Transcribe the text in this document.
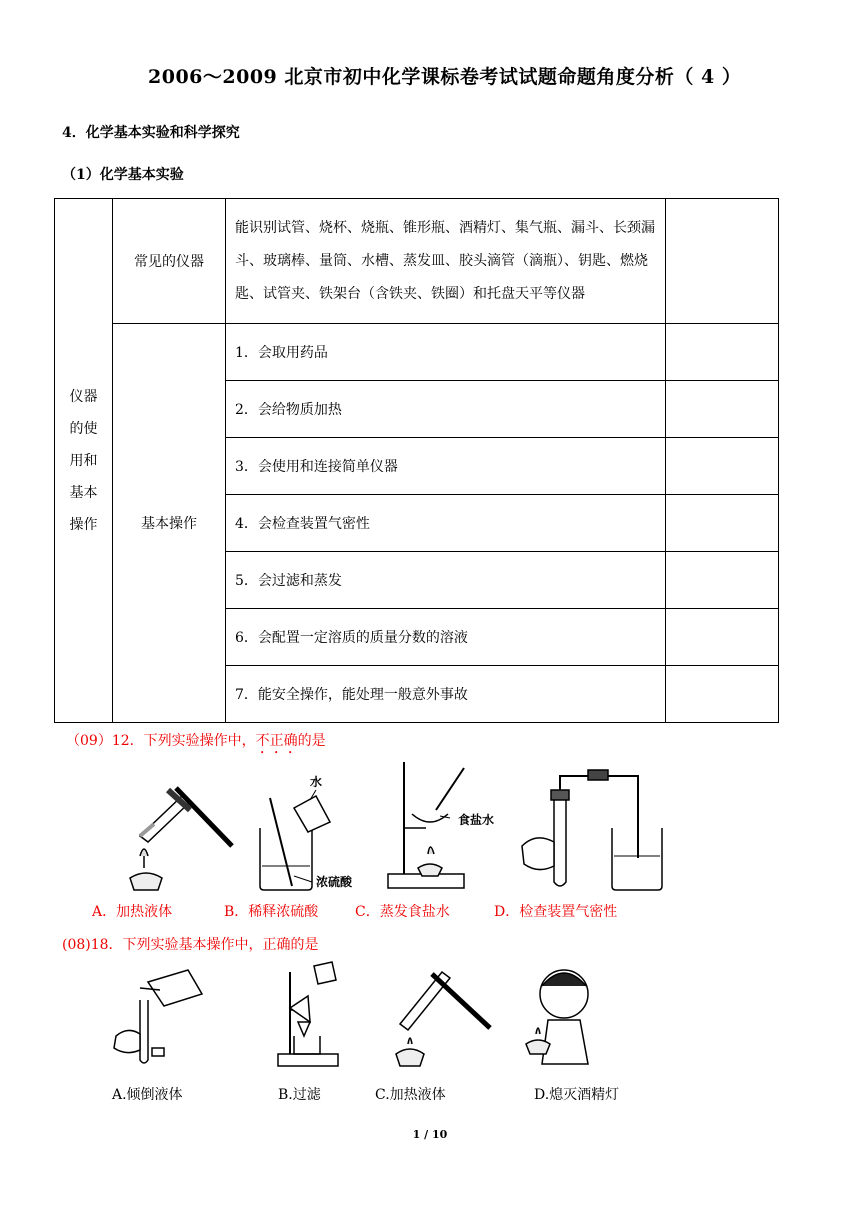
2006～2009 北京市初中化学课标卷考试试题命题角度分析（ 4 ）
4．化学基本实验和科学探究
（1）化学基本实验
仪器
的使
用和
基本
操作	常见的仪器	能识别试管、烧杯、烧瓶、锥形瓶、酒精灯、集气瓶、漏斗、长颈漏斗、玻璃棒、量筒、水槽、蒸发皿、胶头滴管（滴瓶）、钥匙、燃烧匙、试管夹、铁架台（含铁夹、铁圈）和托盘天平等仪器	
	基本操作	1．会取用药品	
		2．会给物质加热	
		3．会使用和连接简单仪器	
		4．会检查装置气密性	
		5．会过滤和蒸发	
		6．会配置一定溶质的质量分数的溶液	
		7．能安全操作，能处理一般意外事故	
（09）12．下列实验操作中，不正确的是
水
浓硫酸
食盐水
A．加热液体	B．稀释浓硫酸	C．蒸发食盐水	D．检查装置气密性
(08)18．下列实验基本操作中，正确的是
A.倾倒液体	B.过滤	C.加热液体	D.熄灭酒精灯
1 / 10
